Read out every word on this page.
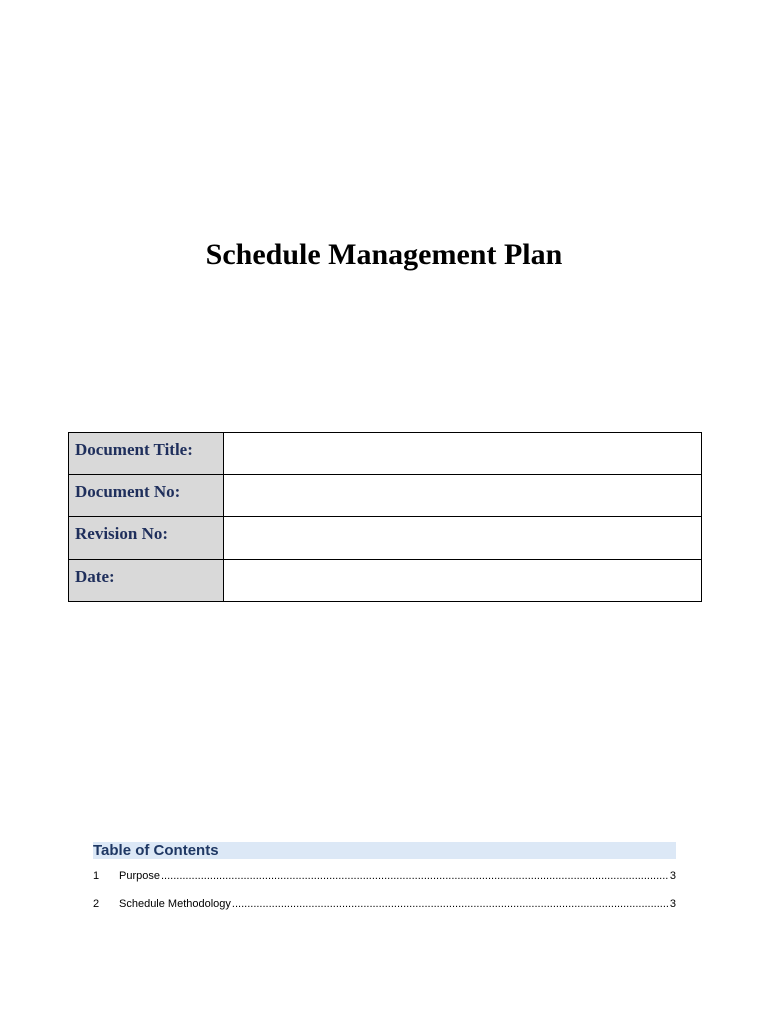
Schedule Management Plan
Document Title:	
Document No:	
Revision No:	
Date:	
Table of Contents
1	Purpose .....	3
2	Schedule Methodology .....	3
